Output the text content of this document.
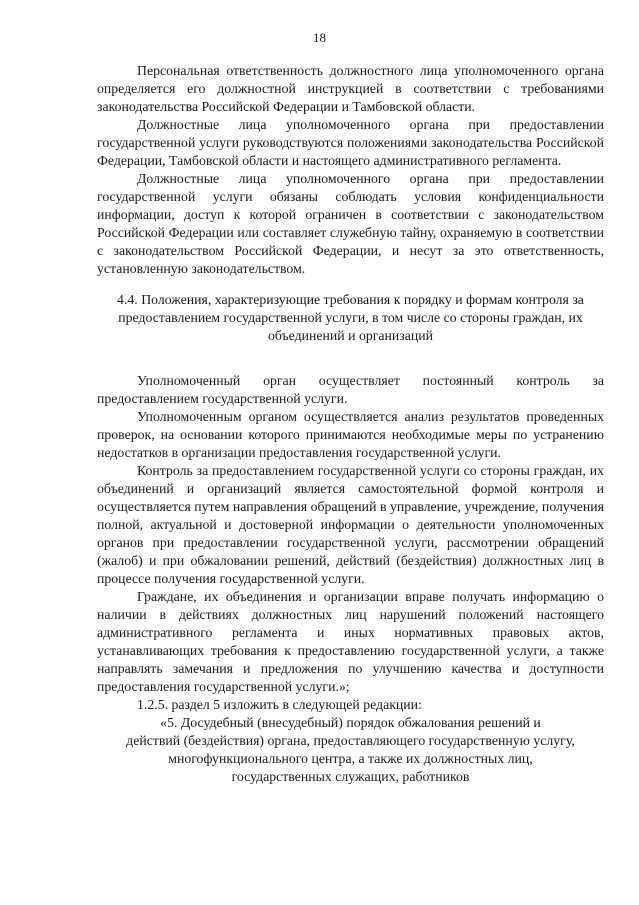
18

Персональная ответственность должностного лица уполномоченного органа определяется его должностной инструкцией в соответствии с требованиями законодательства Российской Федерации и Тамбовской области.

Должностные лица уполномоченного органа при предоставлении государственной услуги руководствуются положениями законодательства Российской Федерации, Тамбовской области и настоящего административного регламента.

Должностные лица уполномоченного органа при предоставлении государственной услуги обязаны соблюдать условия конфиденциальности информации, доступ к которой ограничен в соответствии с законодательством Российской Федерации или составляет служебную тайну, охраняемую в соответствии с законодательством Российской Федерации, и несут за это ответственность, установленную законодательством.

4.4. Положения, характеризующие требования к порядку и формам контроля за предоставлением государственной услуги, в том числе со стороны граждан, их объединений и организаций

Уполномоченный орган осуществляет постоянный контроль за предоставлением государственной услуги.

Уполномоченным органом осуществляется анализ результатов проведенных проверок, на основании которого принимаются необходимые меры по устранению недостатков в организации предоставления государственной услуги.

Контроль за предоставлением государственной услуги со стороны граждан, их объединений и организаций является самостоятельной формой контроля и осуществляется путем направления обращений в управление, учреждение, получения полной, актуальной и достоверной информации о деятельности уполномоченных органов при предоставлении государственной услуги, рассмотрении обращений (жалоб) и при обжаловании решений, действий (бездействия) должностных лиц в процессе получения государственной услуги.

Граждане, их объединения и организации вправе получать информацию о наличии в действиях должностных лиц нарушений положений настоящего административного регламента и иных нормативных правовых актов, устанавливающих требования к предоставлению государственной услуги, а также направлять замечания и предложения по улучшению качества и доступности предоставления государственной услуги.»;

1.2.5. раздел 5 изложить в следующей редакции:

«5. Досудебный (внесудебный) порядок обжалования решений и

действий (бездействия) органа, предоставляющего государственную услугу,

многофункционального центра, а также их должностных лиц,

государственных служащих, работников
